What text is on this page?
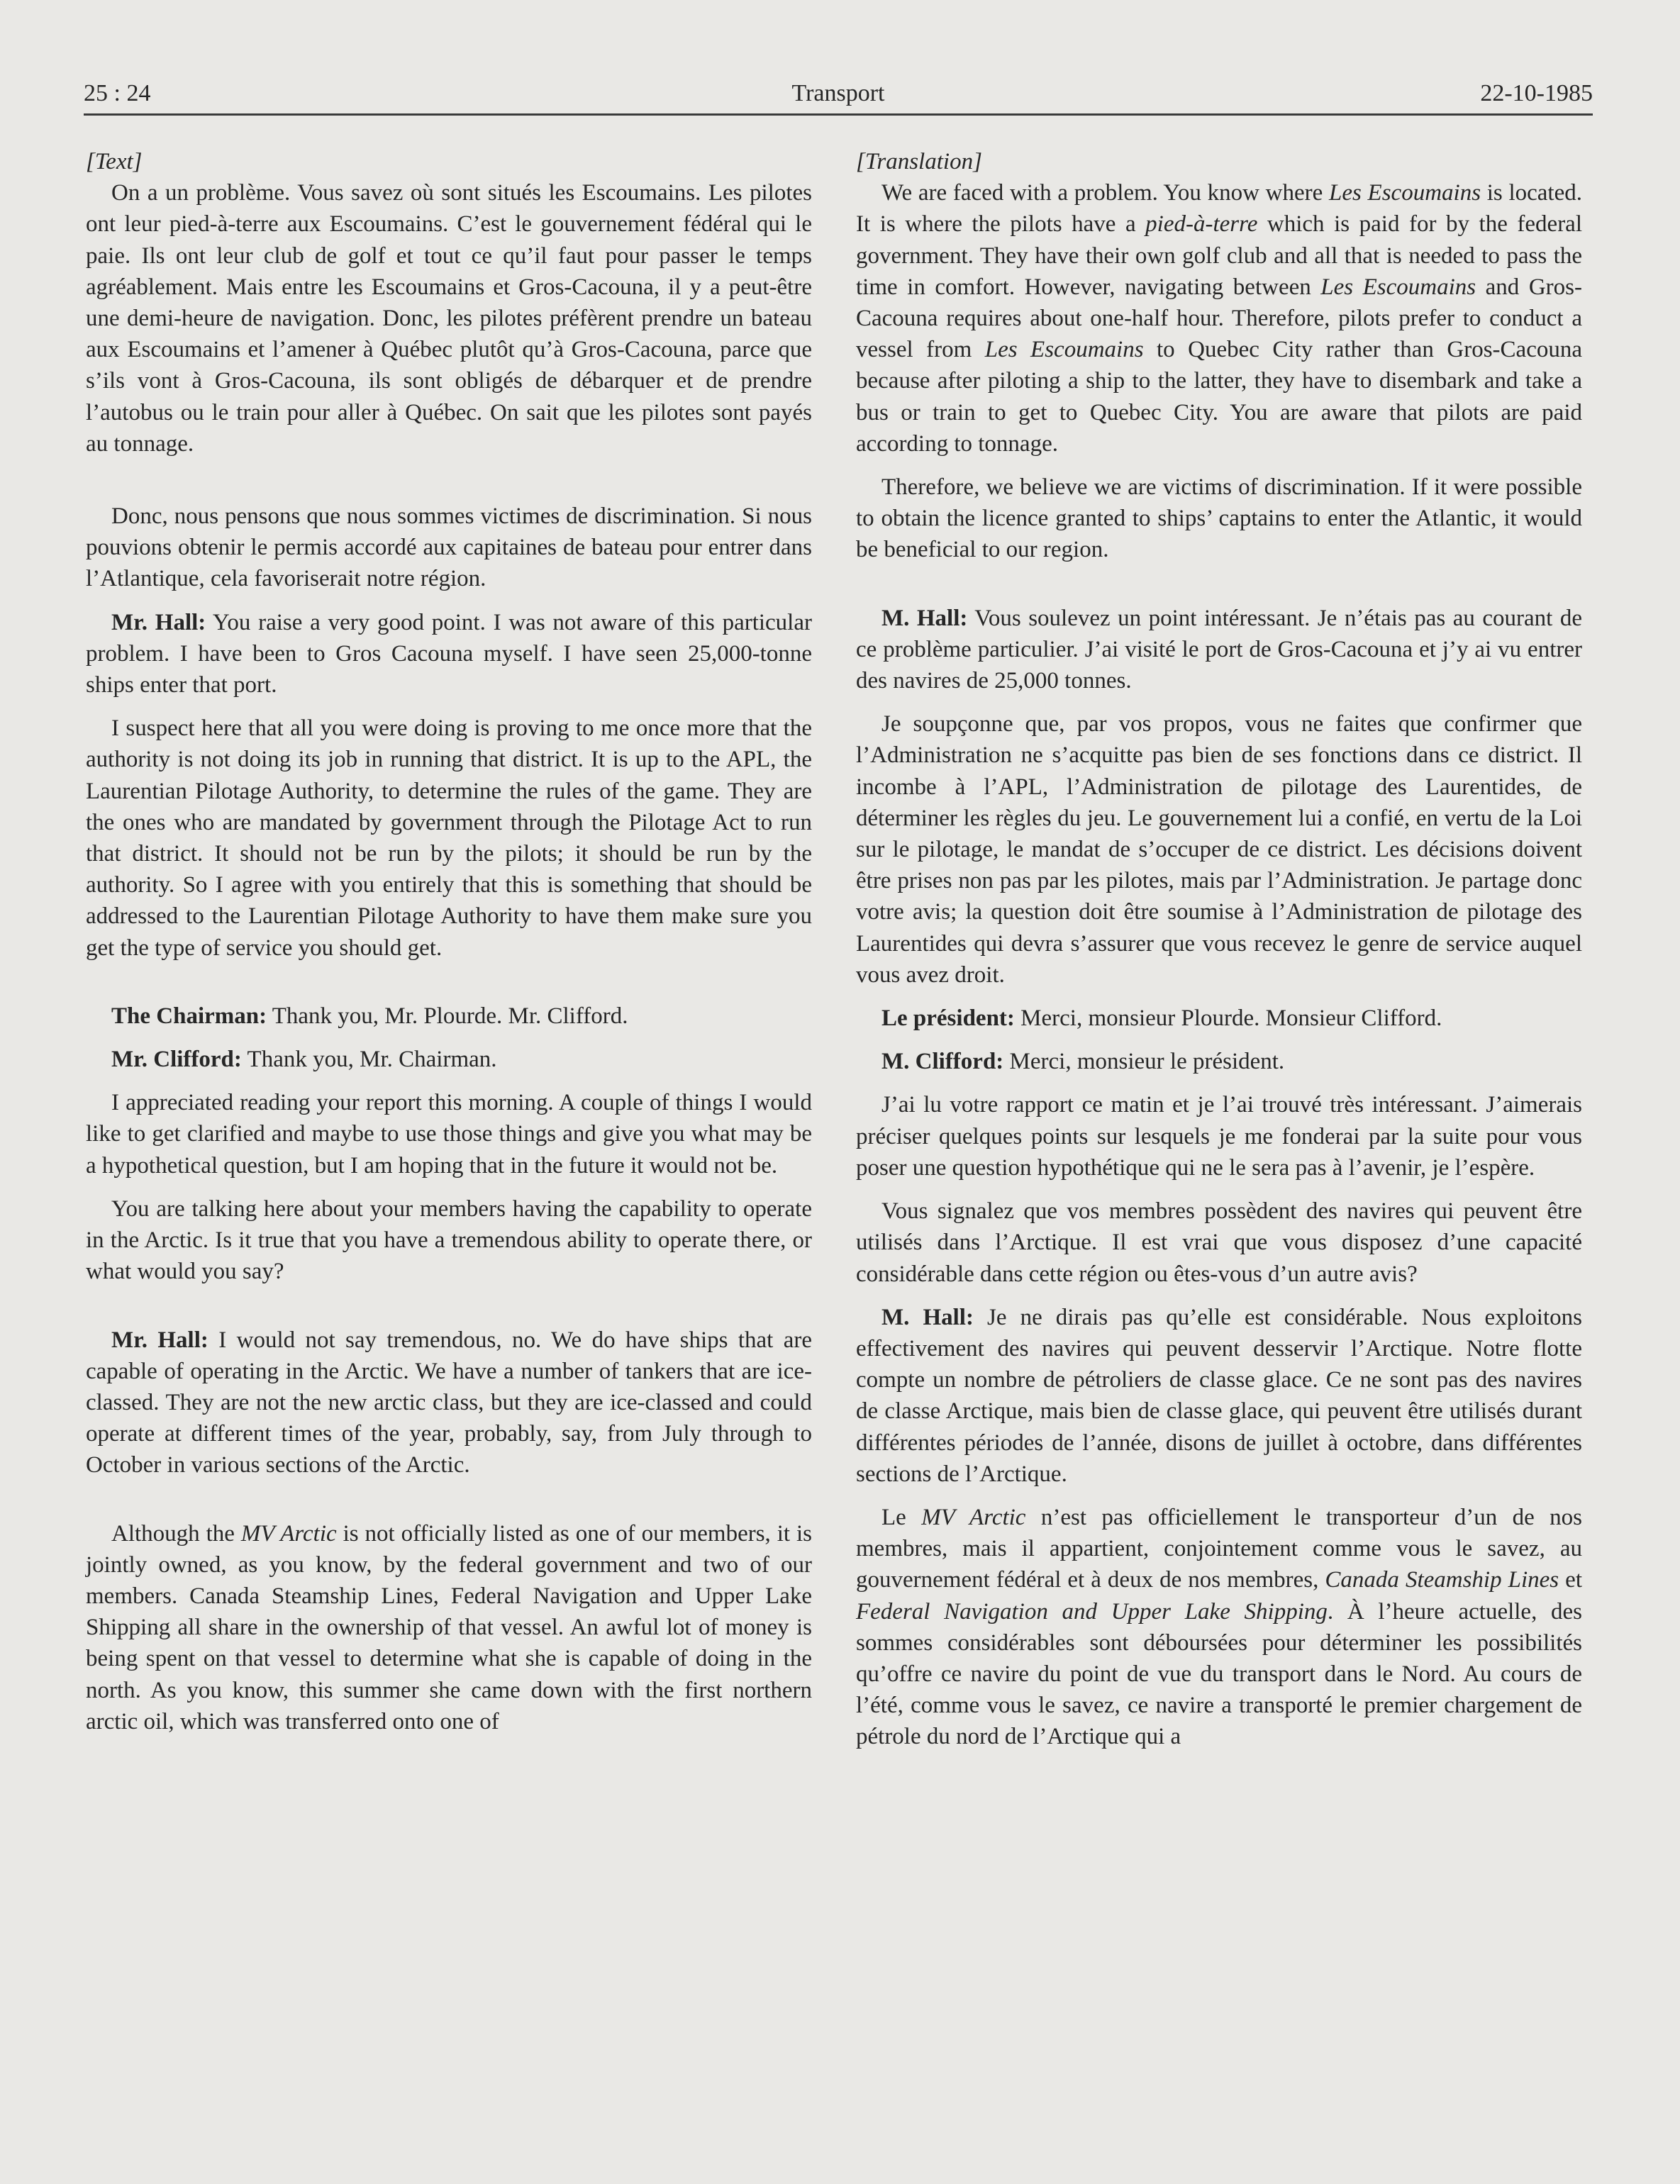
25 : 24	Transport	22-10-1985

[Text]

On a un problème. Vous savez où sont situés les Escoumains. Les pilotes ont leur pied-à-terre aux Escoumains. C’est le gouvernement fédéral qui le paie. Ils ont leur club de golf et tout ce qu’il faut pour passer le temps agréablement. Mais entre les Escoumains et Gros-Cacouna, il y a peut-être une demi-heure de navigation. Donc, les pilotes préfèrent prendre un bateau aux Escoumains et l’amener à Québec plutôt qu’à Gros-Cacouna, parce que s’ils vont à Gros-Cacouna, ils sont obligés de débarquer et de prendre l’autobus ou le train pour aller à Québec. On sait que les pilotes sont payés au tonnage.

Donc, nous pensons que nous sommes victimes de discrimination. Si nous pouvions obtenir le permis accordé aux capitaines de bateau pour entrer dans l’Atlantique, cela favoriserait notre région.

Mr. Hall: You raise a very good point. I was not aware of this particular problem. I have been to Gros Cacouna myself. I have seen 25,000-tonne ships enter that port.

I suspect here that all you were doing is proving to me once more that the authority is not doing its job in running that district. It is up to the APL, the Laurentian Pilotage Authority, to determine the rules of the game. They are the ones who are mandated by government through the Pilotage Act to run that district. It should not be run by the pilots; it should be run by the authority. So I agree with you entirely that this is something that should be addressed to the Laurentian Pilotage Authority to have them make sure you get the type of service you should get.

The Chairman: Thank you, Mr. Plourde. Mr. Clifford.

Mr. Clifford: Thank you, Mr. Chairman.

I appreciated reading your report this morning. A couple of things I would like to get clarified and maybe to use those things and give you what may be a hypothetical question, but I am hoping that in the future it would not be.

You are talking here about your members having the capability to operate in the Arctic. Is it true that you have a tremendous ability to operate there, or what would you say?

Mr. Hall: I would not say tremendous, no. We do have ships that are capable of operating in the Arctic. We have a number of tankers that are ice-classed. They are not the new arctic class, but they are ice-classed and could operate at different times of the year, probably, say, from July through to October in various sections of the Arctic.

Although the MV Arctic is not officially listed as one of our members, it is jointly owned, as you know, by the federal government and two of our members. Canada Steamship Lines, Federal Navigation and Upper Lake Shipping all share in the ownership of that vessel. An awful lot of money is being spent on that vessel to determine what she is capable of doing in the north. As you know, this summer she came down with the first northern arctic oil, which was transferred onto one of

[Translation]

We are faced with a problem. You know where Les Escoumains is located. It is where the pilots have a pied-à-terre which is paid for by the federal government. They have their own golf club and all that is needed to pass the time in comfort. However, navigating between Les Escoumains and Gros-Cacouna requires about one-half hour. Therefore, pilots prefer to conduct a vessel from Les Escoumains to Quebec City rather than Gros-Cacouna because after piloting a ship to the latter, they have to disembark and take a bus or train to get to Quebec City. You are aware that pilots are paid according to tonnage.

Therefore, we believe we are victims of discrimination. If it were possible to obtain the licence granted to ships’ captains to enter the Atlantic, it would be beneficial to our region.

M. Hall: Vous soulevez un point intéressant. Je n’étais pas au courant de ce problème particulier. J’ai visité le port de Gros-Cacouna et j’y ai vu entrer des navires de 25,000 tonnes.

Je soupçonne que, par vos propos, vous ne faites que confirmer que l’Administration ne s’acquitte pas bien de ses fonctions dans ce district. Il incombe à l’APL, l’Administration de pilotage des Laurentides, de déterminer les règles du jeu. Le gouvernement lui a confié, en vertu de la Loi sur le pilotage, le mandat de s’occuper de ce district. Les décisions doivent être prises non pas par les pilotes, mais par l’Administration. Je partage donc votre avis; la question doit être soumise à l’Administration de pilotage des Laurentides qui devra s’assurer que vous recevez le genre de service auquel vous avez droit.

Le président: Merci, monsieur Plourde. Monsieur Clifford.

M. Clifford: Merci, monsieur le président.

J’ai lu votre rapport ce matin et je l’ai trouvé très intéressant. J’aimerais préciser quelques points sur lesquels je me fonderai par la suite pour vous poser une question hypothétique qui ne le sera pas à l’avenir, je l’espère.

Vous signalez que vos membres possèdent des navires qui peuvent être utilisés dans l’Arctique. Il est vrai que vous disposez d’une capacité considérable dans cette région ou êtes-vous d’un autre avis?

M. Hall: Je ne dirais pas qu’elle est considérable. Nous exploitons effectivement des navires qui peuvent desservir l’Arctique. Notre flotte compte un nombre de pétroliers de classe glace. Ce ne sont pas des navires de classe Arctique, mais bien de classe glace, qui peuvent être utilisés durant différentes périodes de l’année, disons de juillet à octobre, dans différentes sections de l’Arctique.

Le MV Arctic n’est pas officiellement le transporteur d’un de nos membres, mais il appartient, conjointement comme vous le savez, au gouvernement fédéral et à deux de nos membres, Canada Steamship Lines et Federal Navigation and Upper Lake Shipping. À l’heure actuelle, des sommes considérables sont déboursées pour déterminer les possibilités qu’offre ce navire du point de vue du transport dans le Nord. Au cours de l’été, comme vous le savez, ce navire a transporté le premier chargement de pétrole du nord de l’Arctique qui a
